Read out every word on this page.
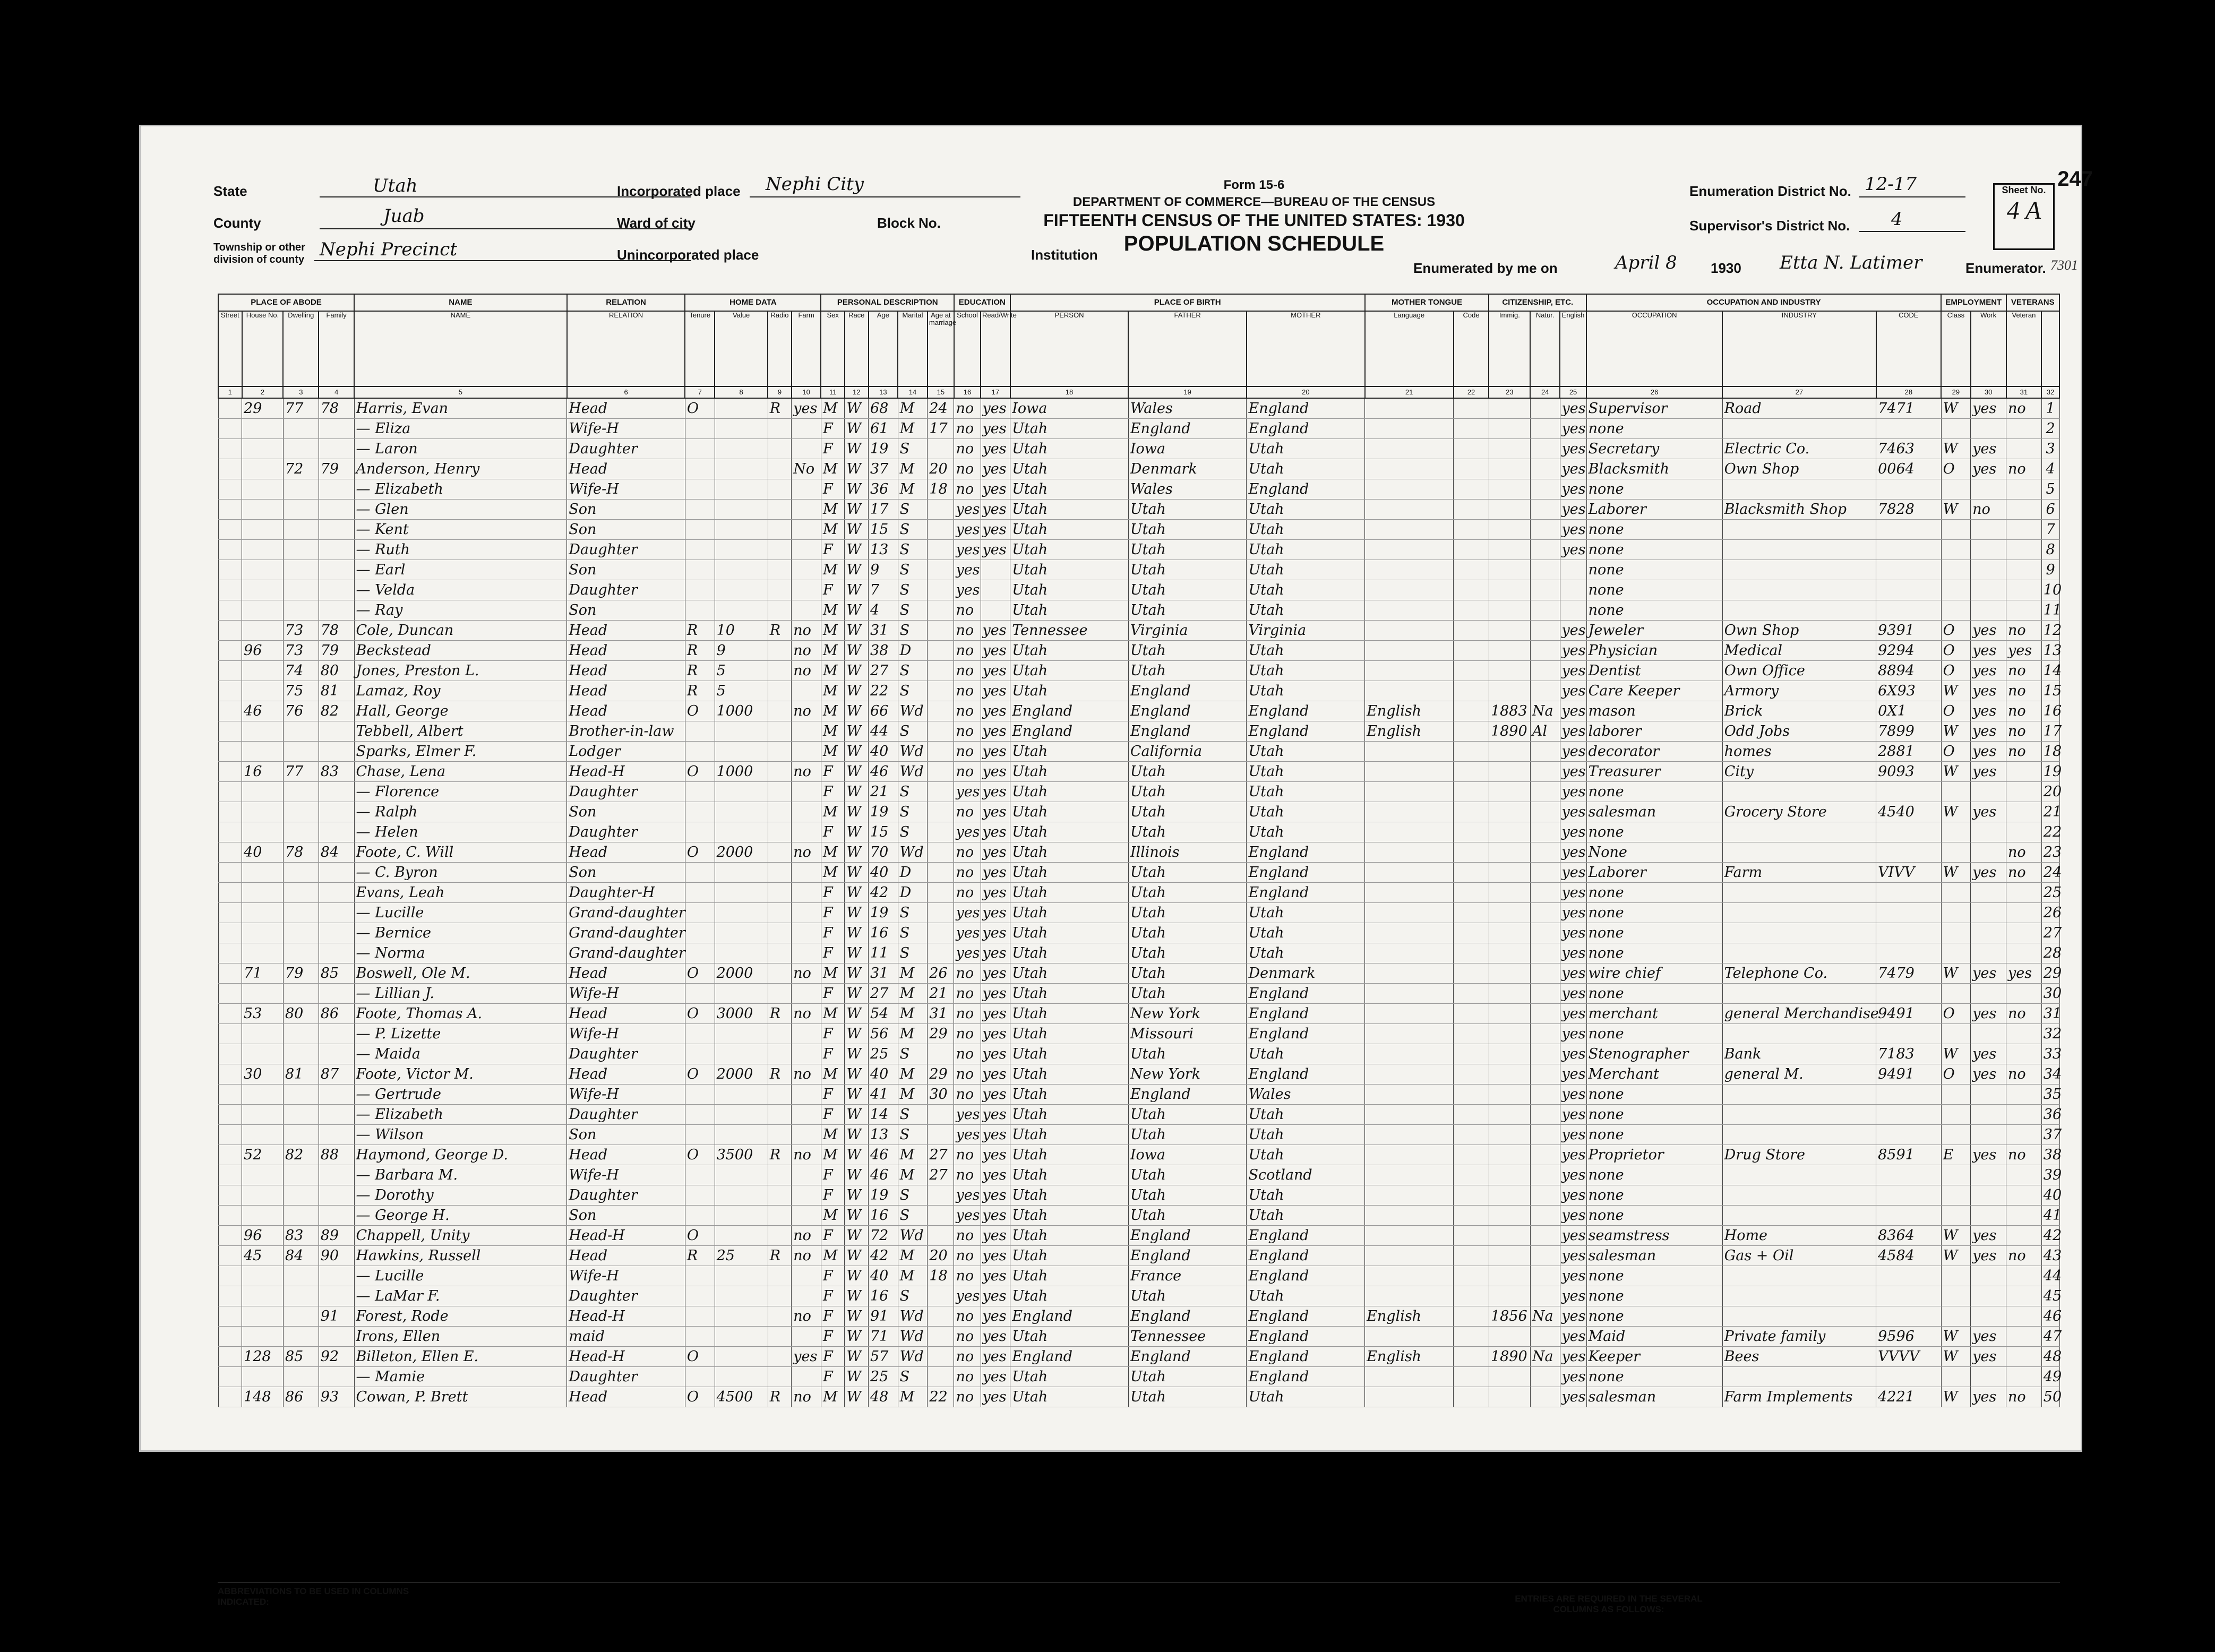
247
State	Utah
County	Juab
Township or other division of county Nephi Precinct
Incorporated place Nephi City
Ward of city	Block No.
Unincorporated place	Institution
Form 15-6
DEPARTMENT OF COMMERCE—BUREAU OF THE CENSUS
FIFTEENTH CENSUS OF THE UNITED STATES: 1930
POPULATION SCHEDULE
Enumeration District No. 12-17
Supervisor's District No. 4
Sheet No.
4 A
Enumerated by me on	April 8 1930 Etta N. Latimer	Enumerator. 7301
PLACE OF ABODE				NAME	RELATION	HOME DATA				PERSONAL DESCRIPTION					EDUCATION		PLACE OF BIRTH			MOTHER TONGUE		CITIZENSHIP, ETC.			OCCUPATION AND INDUSTRY			EMPLOYMENT		VETERANS	
Street	House No.	Dwelling	Family	NAME	RELATION	Tenure	Value	Radio	Farm	Sex	Race	Age	Marital	Age at marriage	School	Read/Write	PERSON	FATHER	MOTHER	Language	Code	Immig.	Natur.	English	OCCUPATION	INDUSTRY	CODE	Class	Work	Veteran	
1	2	3	4	5	6	7	8	9	10	11	12	13	14	15	16	17	18	19	20	21	22	23	24	25	26	27	28	29	30	31	32
	29	77	78	Harris, Evan	Head	O		R	yes	M	W	68	M	24	no	yes	Iowa	Wales	England					yes	Supervisor	Road	7471	W	yes	no	1
				— Eliza	Wife-H					F	W	61	M	17	no	yes	Utah	England	England					yes	none						2
				— Laron	Daughter					F	W	19	S		no	yes	Utah	Iowa	Utah					yes	Secretary	Electric Co.	7463	W	yes		3
		72	79	Anderson, Henry	Head				No	M	W	37	M	20	no	yes	Utah	Denmark	Utah					yes	Blacksmith	Own Shop	0064	O	yes	no	4
				— Elizabeth	Wife-H					F	W	36	M	18	no	yes	Utah	Wales	England					yes	none						5
				— Glen	Son					M	W	17	S		yes	yes	Utah	Utah	Utah					yes	Laborer	Blacksmith Shop	7828	W	no		6
				— Kent	Son					M	W	15	S		yes	yes	Utah	Utah	Utah					yes	none						7
				— Ruth	Daughter					F	W	13	S		yes	yes	Utah	Utah	Utah					yes	none						8
				— Earl	Son					M	W	9	S		yes		Utah	Utah	Utah						none						9
				— Velda	Daughter					F	W	7	S		yes		Utah	Utah	Utah						none						10
				— Ray	Son					M	W	4	S		no		Utah	Utah	Utah						none						11
		73	78	Cole, Duncan	Head	R	10	R	no	M	W	31	S		no	yes	Tennessee	Virginia	Virginia					yes	Jeweler	Own Shop	9391	O	yes	no	12
	96	73	79	Beckstead	Head	R	9		no	M	W	38	D		no	yes	Utah	Utah	Utah					yes	Physician	Medical	9294	O	yes	yes	13
		74	80	Jones, Preston L.	Head	R	5		no	M	W	27	S		no	yes	Utah	Utah	Utah					yes	Dentist	Own Office	8894	O	yes	no	14
		75	81	Lamaz, Roy	Head	R	5			M	W	22	S		no	yes	Utah	England	Utah					yes	Care Keeper	Armory	6X93	W	yes	no	15
	46	76	82	Hall, George	Head	O	1000		no	M	W	66	Wd		no	yes	England	England	England	English		1883	Na	yes	mason	Brick	0X1	O	yes	no	16
				Tebbell, Albert	Brother-in-law					M	W	44	S		no	yes	England	England	England	English		1890	Al	yes	laborer	Odd Jobs	7899	W	yes	no	17
				Sparks, Elmer F.	Lodger					M	W	40	Wd		no	yes	Utah	California	Utah					yes	decorator	homes	2881	O	yes	no	18
	16	77	83	Chase, Lena	Head-H	O	1000		no	F	W	46	Wd		no	yes	Utah	Utah	Utah					yes	Treasurer	City	9093	W	yes		19
				— Florence	Daughter					F	W	21	S		yes	yes	Utah	Utah	Utah					yes	none						20
				— Ralph	Son					M	W	19	S		no	yes	Utah	Utah	Utah					yes	salesman	Grocery Store	4540	W	yes		21
				— Helen	Daughter					F	W	15	S		yes	yes	Utah	Utah	Utah					yes	none						22
	40	78	84	Foote, C. Will	Head	O	2000		no	M	W	70	Wd		no	yes	Utah	Illinois	England					yes	None					no	23
				— C. Byron	Son					M	W	40	D		no	yes	Utah	Utah	England					yes	Laborer	Farm	VIVV	W	yes	no	24
				Evans, Leah	Daughter-H					F	W	42	D		no	yes	Utah	Utah	England					yes	none						25
				— Lucille	Grand-daughter					F	W	19	S		yes	yes	Utah	Utah	Utah					yes	none						26
				— Bernice	Grand-daughter					F	W	16	S		yes	yes	Utah	Utah	Utah					yes	none						27
				— Norma	Grand-daughter					F	W	11	S		yes	yes	Utah	Utah	Utah					yes	none						28
	71	79	85	Boswell, Ole M.	Head	O	2000		no	M	W	31	M	26	no	yes	Utah	Utah	Denmark					yes	wire chief	Telephone Co.	7479	W	yes	yes	29
				— Lillian J.	Wife-H					F	W	27	M	21	no	yes	Utah	Utah	England					yes	none						30
	53	80	86	Foote, Thomas A.	Head	O	3000	R	no	M	W	54	M	31	no	yes	Utah	New York	England					yes	merchant	general Merchandise	9491	O	yes	no	31
				— P. Lizette	Wife-H					F	W	56	M	29	no	yes	Utah	Missouri	England					yes	none						32
				— Maida	Daughter					F	W	25	S		no	yes	Utah	Utah	Utah					yes	Stenographer	Bank	7183	W	yes		33
	30	81	87	Foote, Victor M.	Head	O	2000	R	no	M	W	40	M	29	no	yes	Utah	New York	England					yes	Merchant	general M.	9491	O	yes	no	34
				— Gertrude	Wife-H					F	W	41	M	30	no	yes	Utah	England	Wales					yes	none						35
				— Elizabeth	Daughter					F	W	14	S		yes	yes	Utah	Utah	Utah					yes	none						36
				— Wilson	Son					M	W	13	S		yes	yes	Utah	Utah	Utah					yes	none						37
	52	82	88	Haymond, George D.	Head	O	3500	R	no	M	W	46	M	27	no	yes	Utah	Iowa	Utah					yes	Proprietor	Drug Store	8591	E	yes	no	38
				— Barbara M.	Wife-H					F	W	46	M	27	no	yes	Utah	Utah	Scotland					yes	none						39
				— Dorothy	Daughter					F	W	19	S		yes	yes	Utah	Utah	Utah					yes	none						40
				— George H.	Son					M	W	16	S		yes	yes	Utah	Utah	Utah					yes	none						41
	96	83	89	Chappell, Unity	Head-H	O			no	F	W	72	Wd		no	yes	Utah	England	England					yes	seamstress	Home	8364	W	yes		42
	45	84	90	Hawkins, Russell	Head	R	25	R	no	M	W	42	M	20	no	yes	Utah	England	England					yes	salesman	Gas + Oil	4584	W	yes	no	43
				— Lucille	Wife-H					F	W	40	M	18	no	yes	Utah	France	England					yes	none						44
				— LaMar F.	Daughter					F	W	16	S		yes	yes	Utah	Utah	Utah					yes	none						45
			91	Forest, Rode	Head-H				no	F	W	91	Wd		no	yes	England	England	England	English		1856	Na	yes	none						46
				Irons, Ellen	maid					F	W	71	Wd		no	yes	Utah	Tennessee	England					yes	Maid	Private family	9596	W	yes		47
	128	85	92	Billeton, Ellen E.	Head-H	O			yes	F	W	57	Wd		no	yes	England	England	England	English		1890	Na	yes	Keeper	Bees	VVVV	W	yes		48
				— Mamie	Daughter					F	W	25	S		no	yes	Utah	Utah	England					yes	none						49
	148	86	93	Cowan, P. Brett	Head	O	4500	R	no	M	W	48	M	22	no	yes	Utah	Utah	Utah					yes	salesman	Farm Implements	4221	W	yes	no	50
ABBREVIATIONS TO BE USED IN COLUMNS INDICATED:	ENTRIES ARE REQUIRED IN THE SEVERAL COLUMNS AS FOLLOWS:
